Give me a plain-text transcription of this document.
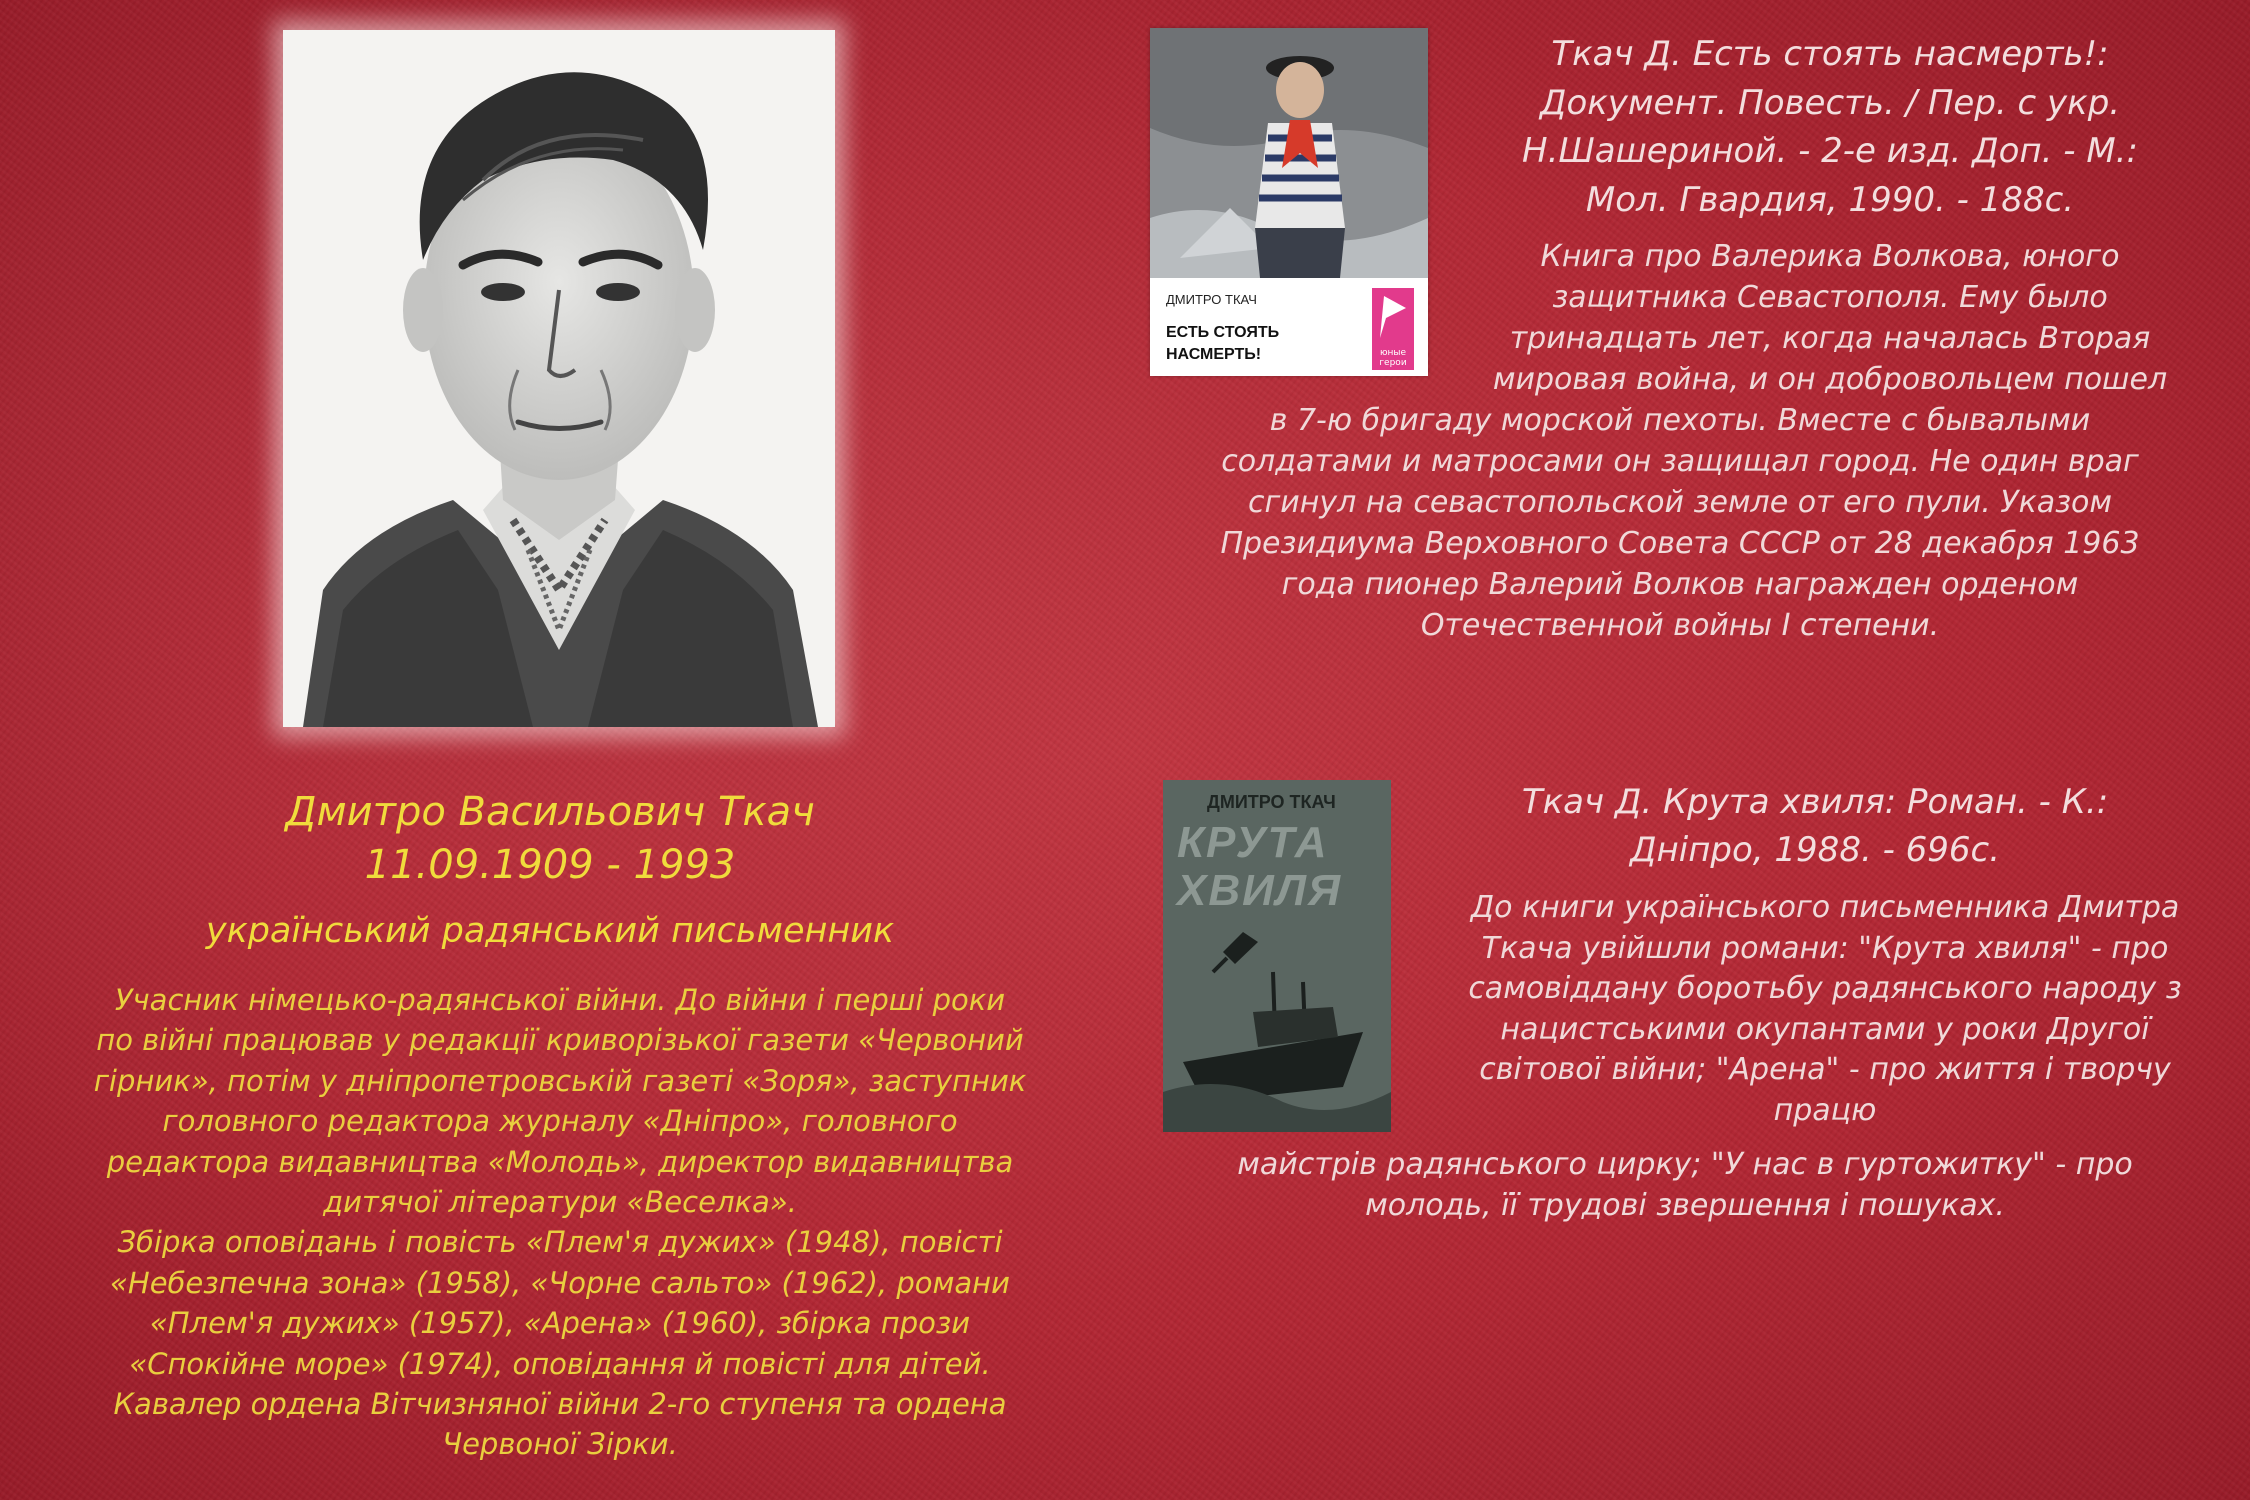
Дмитро Васильович Ткач
11.09.1909 - 1993
український радянський письменник
Учасник німецько-радянської війни. До війни і перші роки
по війні працював у редакції криворізької газети «Червоний
гірник», потім у дніпропетровській газеті «Зоря», заступник
головного редактора журналу «Дніпро», головного
редактора видавництва «Молодь», директор видавництва
дитячої літератури «Веселка».
Збірка оповідань і повість «Плем'я дужих» (1948), повісті
«Небезпечна зона» (1958), «Чорне сальто» (1962), романи
«Плем'я дужих» (1957), «Арена» (1960), збірка прози
«Спокійне море» (1974), оповідання й повісті для дітей.
Кавалер ордена Вітчизняної війни 2-го ступеня та ордена
Червоної Зірки.
ДМИТРО ТКАЧ
ЕСТЬ СТОЯТЬ
НАСМЕРТЬ!	юные герои
Ткач Д. Есть стоять насмерть!:
Документ. Повесть. / Пер. с укр.
Н.Шашериной. - 2-е изд. Доп. - М.:
Мол. Гвардия, 1990. - 188с.
Книга про Валерика Волкова, юного
защитника Севастополя. Ему было
тринадцать лет, когда началась Вторая
мировая война, и он добровольцем пошел
в 7-ю бригаду морской пехоты. Вместе с бывалыми
солдатами и матросами он защищал город. Не один враг
сгинул на севастопольской земле от его пули. Указом
Президиума Верховного Совета СССР от 28 декабря 1963
года пионер Валерий Волков награжден орденом
Отечественной войны I степени.
ДМИТРО ТКАЧ
КРУТА
ХВИЛЯ
Ткач Д. Крута хвиля: Роман. - К.:
Дніпро, 1988. - 696с.
До книги українського письменника Дмитра
Ткача увійшли романи: "Крута хвиля" - про
самовіддану боротьбу радянського народу з
нацистськими окупантами у роки Другої
світової війни; "Арена" - про життя і творчу
працю
майстрів радянського цирку; "У нас в гуртожитку" - про
молодь, її трудові звершення і пошуках.
